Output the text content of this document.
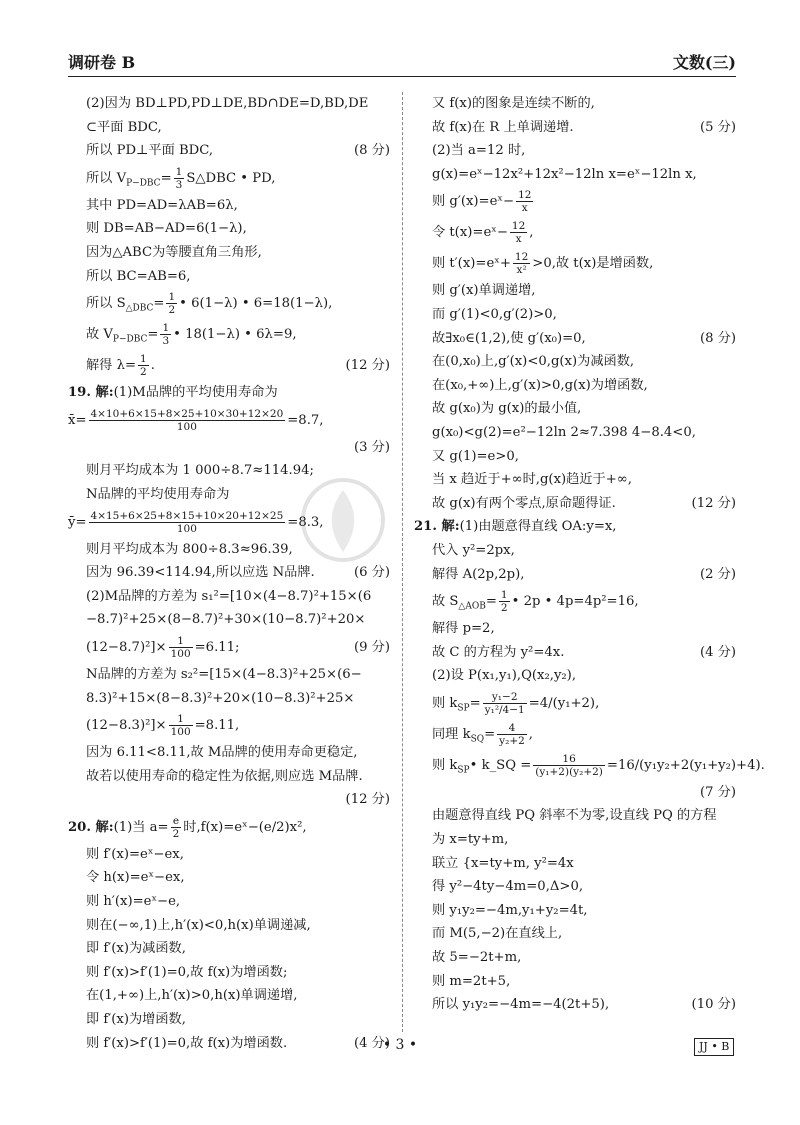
调研卷 B	文数(三)
(2)因为 BD⊥PD,PD⊥DE,BD∩DE=D,BD,DE
⊂平面 BDC,
所以 PD⊥平面 BDC,	(8 分)
所以 $V_{P-DBC}= \frac{1}{3}$ S△DBC • PD,
其中 PD=AD=λAB=6λ,
则 DB=AB−AD=6(1−λ),
因为△ABC为等腰直角三角形,
所以 BC=AB=6,
所以 $S_{\triangle DBC}= \frac{1}{2}$ • 6(1−λ) • 6=18(1−λ),
故 $V_{P-DBC}= \frac{1}{3}$ • 18(1−λ) • 6λ=9,
解得 $\lambda= \frac{1}{2}$ .	(12 分)
19. 解:(1)M品牌的平均使用寿命为
x̄= $\frac{4\times 10+6\times 15+8\times 25+10\times 30+12\times 20}{100} =8.7$,
(3 分)
则月平均成本为 1 000÷8.7≈114.94;
N品牌的平均使用寿命为
ȳ= $\frac{4\times 15+6\times 25+8\times 15+10\times 20+12\times 25}{100} =8.3$,
则月平均成本为 800÷8.3≈96.39,
因为 96.39<114.94,所以应选 N品牌.	(6 分)
(2)M品牌的方差为 s₁²=[10×(4−8.7)²+15×(6
−8.7)²+25×(8−8.7)²+30×(10−8.7)²+20×
$(12-8.7)^2]\times \frac{1}{100} =6.11$;	(9 分)
N品牌的方差为 s₂²=[15×(4−8.3)²+25×(6−
8.3)²+15×(8−8.3)²+20×(10−8.3)²+25×
$(12-8.3)^2]\times \frac{1}{100} =8.11$,
因为 6.11<8.11,故 M品牌的使用寿命更稳定,
故若以使用寿命的稳定性为依据,则应选 M品牌.
(12 分)
20. 解:(1)当 $a= \frac{e}{2}$ 时,f(x)=eˣ−(e/2)x²,
则 f′(x)=eˣ−ex,
令 h(x)=eˣ−ex,
则 h′(x)=eˣ−e,
则在(−∞,1)上,h′(x)<0,h(x)单调递减,
即 f′(x)为减函数,
则 f′(x)>f′(1)=0,故 f(x)为增函数;
在(1,+∞)上,h′(x)>0,h(x)单调递增,
即 f′(x)为增函数,
则 f′(x)>f′(1)=0,故 f(x)为增函数.	(4 分)
又 f(x)的图象是连续不断的,
故 f(x)在 R 上单调递增.	(5 分)
(2)当 a=12 时,
g(x)=eˣ−12x²+12x²−12ln x=eˣ−12ln x,
则 g′(x)=eˣ− $\frac{12}{x}$
令 t(x)=eˣ− $\frac{12}{x}$ ,
则 t′(x)=eˣ+ $\frac{12}{\text{x²}} >0$,故 t(x)是增函数,
则 g′(x)单调递增,
而 g′(1)<0,g′(2)>0,
故∃x₀∈(1,2),使 g′(x₀)=0,	(8 分)
在(0,x₀)上,g′(x)<0,g(x)为减函数,
在(x₀,+∞)上,g′(x)>0,g(x)为增函数,
故 g(x₀)为 g(x)的最小值,
g(x₀)<g(2)=e²−12ln 2≈7.398 4−8.4<0,
又 g(1)=e>0,
当 x 趋近于+∞时,g(x)趋近于+∞,
故 g(x)有两个零点,原命题得证.	(12 分)
21. 解:(1)由题意得直线 OA:y=x,
代入 y²=2px,
解得 A(2p,2p),	(2 分)
故 $S_{\triangle AOB}= \frac{1}{2}$ • 2p • 4p=4p²=16,
解得 p=2,
故 C 的方程为 y²=4x.	(4 分)
(2)设 P(x₁,y₁),Q(x₂,y₂),
则 $k_{SP}= \frac{\text{y₁−2}}{\text{y₁²/4−1}} =4/(y_1+2)$,
同理 $k_{SQ}= \frac{4}{\text{y₂+2}}$ ,
则 $k_{SP}•$ k_SQ = $\frac{16}{\text{(y₁+2)(y₂+2)}} =16/(y_1y_2+2(y_1+y_2)+4)$.
(7 分)
由题意得直线 PQ 斜率不为零,设直线 PQ 的方程
为 x=ty+m,
联立 {x=ty+m, y²=4x
得 y²−4ty−4m=0,Δ>0,
则 y₁y₂=−4m,y₁+y₂=4t,
而 M(5,−2)在直线上,
故 5=−2t+m,
则 m=2t+5,
所以 y₁y₂=−4m=−4(2t+5),	(10 分)
• 3 •	JJ • B
